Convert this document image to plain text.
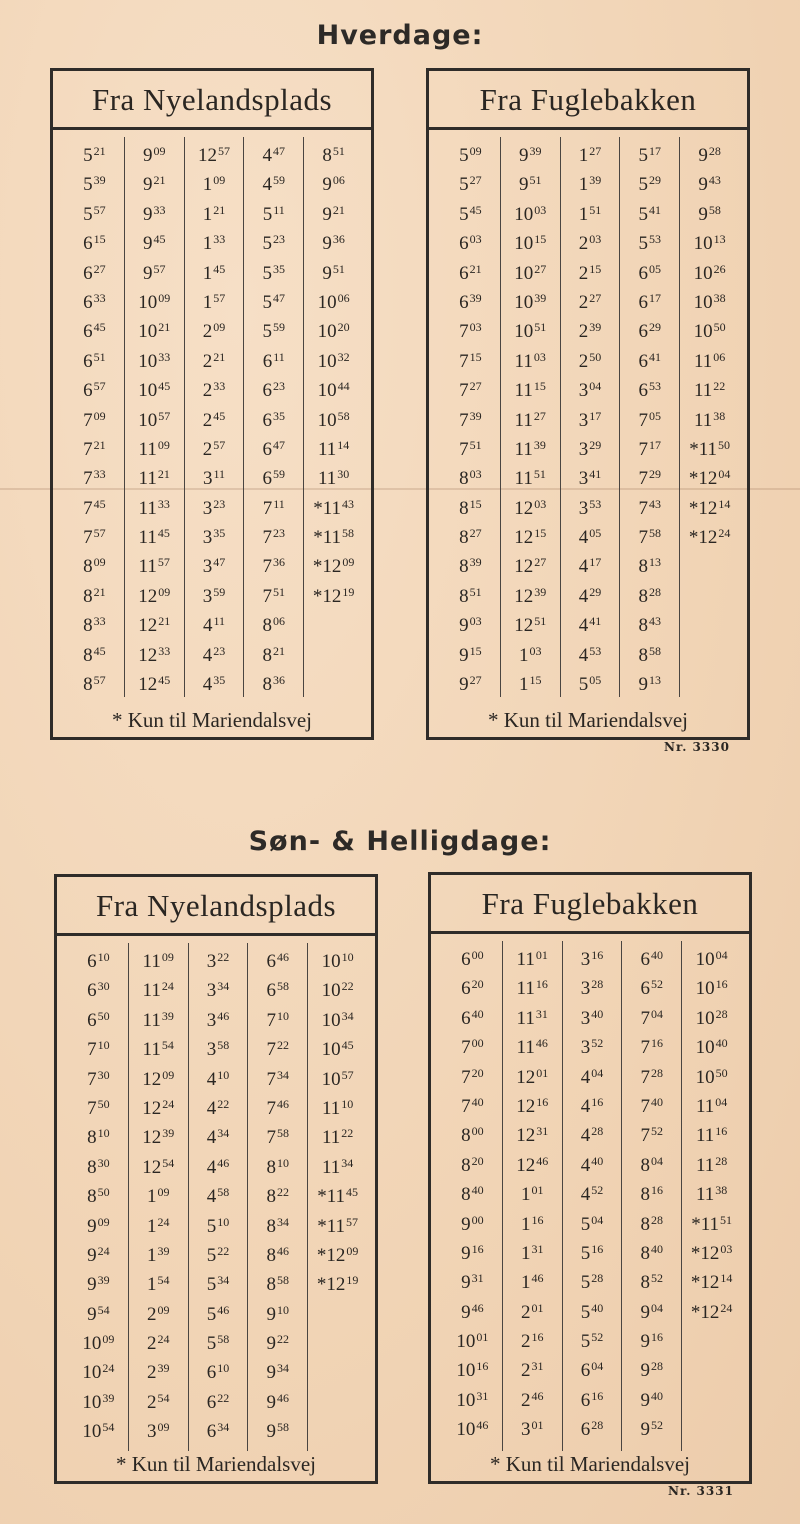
Hverdage:
Fra Nyelandsplads
$5^{21}$
$5^{39}$
$5^{57}$
$6^{15}$
$6^{27}$
$6^{33}$
$6^{45}$
$6^{51}$
$6^{57}$
$7^{09}$
$7^{21}$
$7^{33}$
$7^{45}$
$7^{57}$
$8^{09}$
$8^{21}$
$8^{33}$
$8^{45}$
$8^{57}$
$9^{09}$
$9^{21}$
$9^{33}$
$9^{45}$
$9^{57}$
$10^{09}$
$10^{21}$
$10^{33}$
$10^{45}$
$10^{57}$
$11^{09}$
$11^{21}$
$11^{33}$
$11^{45}$
$11^{57}$
$12^{09}$
$12^{21}$
$12^{33}$
$12^{45}$
$12^{57}$
$1^{09}$
$1^{21}$
$1^{33}$
$1^{45}$
$1^{57}$
$2^{09}$
$2^{21}$
$2^{33}$
$2^{45}$
$2^{57}$
$3^{11}$
$3^{23}$
$3^{35}$
$3^{47}$
$3^{59}$
$4^{11}$
$4^{23}$
$4^{35}$
$4^{47}$
$4^{59}$
$5^{11}$
$5^{23}$
$5^{35}$
$5^{47}$
$5^{59}$
$6^{11}$
$6^{23}$
$6^{35}$
$6^{47}$
$6^{59}$
$7^{11}$
$7^{23}$
$7^{36}$
$7^{51}$
$8^{06}$
$8^{21}$
$8^{36}$
$8^{51}$
$9^{06}$
$9^{21}$
$9^{36}$
$9^{51}$
$10^{06}$
$10^{20}$
$10^{32}$
$10^{44}$
$10^{58}$
$11^{14}$
$11^{30}$
$*11^{43}$
$*11^{58}$
$*12^{09}$
$*12^{19}$
* Kun til Mariendalsvej
Fra Fuglebakken
$5^{09}$
$5^{27}$
$5^{45}$
$6^{03}$
$6^{21}$
$6^{39}$
$7^{03}$
$7^{15}$
$7^{27}$
$7^{39}$
$7^{51}$
$8^{03}$
$8^{15}$
$8^{27}$
$8^{39}$
$8^{51}$
$9^{03}$
$9^{15}$
$9^{27}$
$9^{39}$
$9^{51}$
$10^{03}$
$10^{15}$
$10^{27}$
$10^{39}$
$10^{51}$
$11^{03}$
$11^{15}$
$11^{27}$
$11^{39}$
$11^{51}$
$12^{03}$
$12^{15}$
$12^{27}$
$12^{39}$
$12^{51}$
$1^{03}$
$1^{15}$
$1^{27}$
$1^{39}$
$1^{51}$
$2^{03}$
$2^{15}$
$2^{27}$
$2^{39}$
$2^{50}$
$3^{04}$
$3^{17}$
$3^{29}$
$3^{41}$
$3^{53}$
$4^{05}$
$4^{17}$
$4^{29}$
$4^{41}$
$4^{53}$
$5^{05}$
$5^{17}$
$5^{29}$
$5^{41}$
$5^{53}$
$6^{05}$
$6^{17}$
$6^{29}$
$6^{41}$
$6^{53}$
$7^{05}$
$7^{17}$
$7^{29}$
$7^{43}$
$7^{58}$
$8^{13}$
$8^{28}$
$8^{43}$
$8^{58}$
$9^{13}$
$9^{28}$
$9^{43}$
$9^{58}$
$10^{13}$
$10^{26}$
$10^{38}$
$10^{50}$
$11^{06}$
$11^{22}$
$11^{38}$
$*11^{50}$
$*12^{04}$
$*12^{14}$
$*12^{24}$
* Kun til Mariendalsvej
Nr. 3330
Søn- & Helligdage:
Fra Nyelandsplads
$6^{10}$
$6^{30}$
$6^{50}$
$7^{10}$
$7^{30}$
$7^{50}$
$8^{10}$
$8^{30}$
$8^{50}$
$9^{09}$
$9^{24}$
$9^{39}$
$9^{54}$
$10^{09}$
$10^{24}$
$10^{39}$
$10^{54}$
$11^{09}$
$11^{24}$
$11^{39}$
$11^{54}$
$12^{09}$
$12^{24}$
$12^{39}$
$12^{54}$
$1^{09}$
$1^{24}$
$1^{39}$
$1^{54}$
$2^{09}$
$2^{24}$
$2^{39}$
$2^{54}$
$3^{09}$
$3^{22}$
$3^{34}$
$3^{46}$
$3^{58}$
$4^{10}$
$4^{22}$
$4^{34}$
$4^{46}$
$4^{58}$
$5^{10}$
$5^{22}$
$5^{34}$
$5^{46}$
$5^{58}$
$6^{10}$
$6^{22}$
$6^{34}$
$6^{46}$
$6^{58}$
$7^{10}$
$7^{22}$
$7^{34}$
$7^{46}$
$7^{58}$
$8^{10}$
$8^{22}$
$8^{34}$
$8^{46}$
$8^{58}$
$9^{10}$
$9^{22}$
$9^{34}$
$9^{46}$
$9^{58}$
$10^{10}$
$10^{22}$
$10^{34}$
$10^{45}$
$10^{57}$
$11^{10}$
$11^{22}$
$11^{34}$
$*11^{45}$
$*11^{57}$
$*12^{09}$
$*12^{19}$
* Kun til Mariendalsvej
Fra Fuglebakken
$6^{00}$
$6^{20}$
$6^{40}$
$7^{00}$
$7^{20}$
$7^{40}$
$8^{00}$
$8^{20}$
$8^{40}$
$9^{00}$
$9^{16}$
$9^{31}$
$9^{46}$
$10^{01}$
$10^{16}$
$10^{31}$
$10^{46}$
$11^{01}$
$11^{16}$
$11^{31}$
$11^{46}$
$12^{01}$
$12^{16}$
$12^{31}$
$12^{46}$
$1^{01}$
$1^{16}$
$1^{31}$
$1^{46}$
$2^{01}$
$2^{16}$
$2^{31}$
$2^{46}$
$3^{01}$
$3^{16}$
$3^{28}$
$3^{40}$
$3^{52}$
$4^{04}$
$4^{16}$
$4^{28}$
$4^{40}$
$4^{52}$
$5^{04}$
$5^{16}$
$5^{28}$
$5^{40}$
$5^{52}$
$6^{04}$
$6^{16}$
$6^{28}$
$6^{40}$
$6^{52}$
$7^{04}$
$7^{16}$
$7^{28}$
$7^{40}$
$7^{52}$
$8^{04}$
$8^{16}$
$8^{28}$
$8^{40}$
$8^{52}$
$9^{04}$
$9^{16}$
$9^{28}$
$9^{40}$
$9^{52}$
$10^{04}$
$10^{16}$
$10^{28}$
$10^{40}$
$10^{50}$
$11^{04}$
$11^{16}$
$11^{28}$
$11^{38}$
$*11^{51}$
$*12^{03}$
$*12^{14}$
$*12^{24}$
* Kun til Mariendalsvej
Nr. 3331
